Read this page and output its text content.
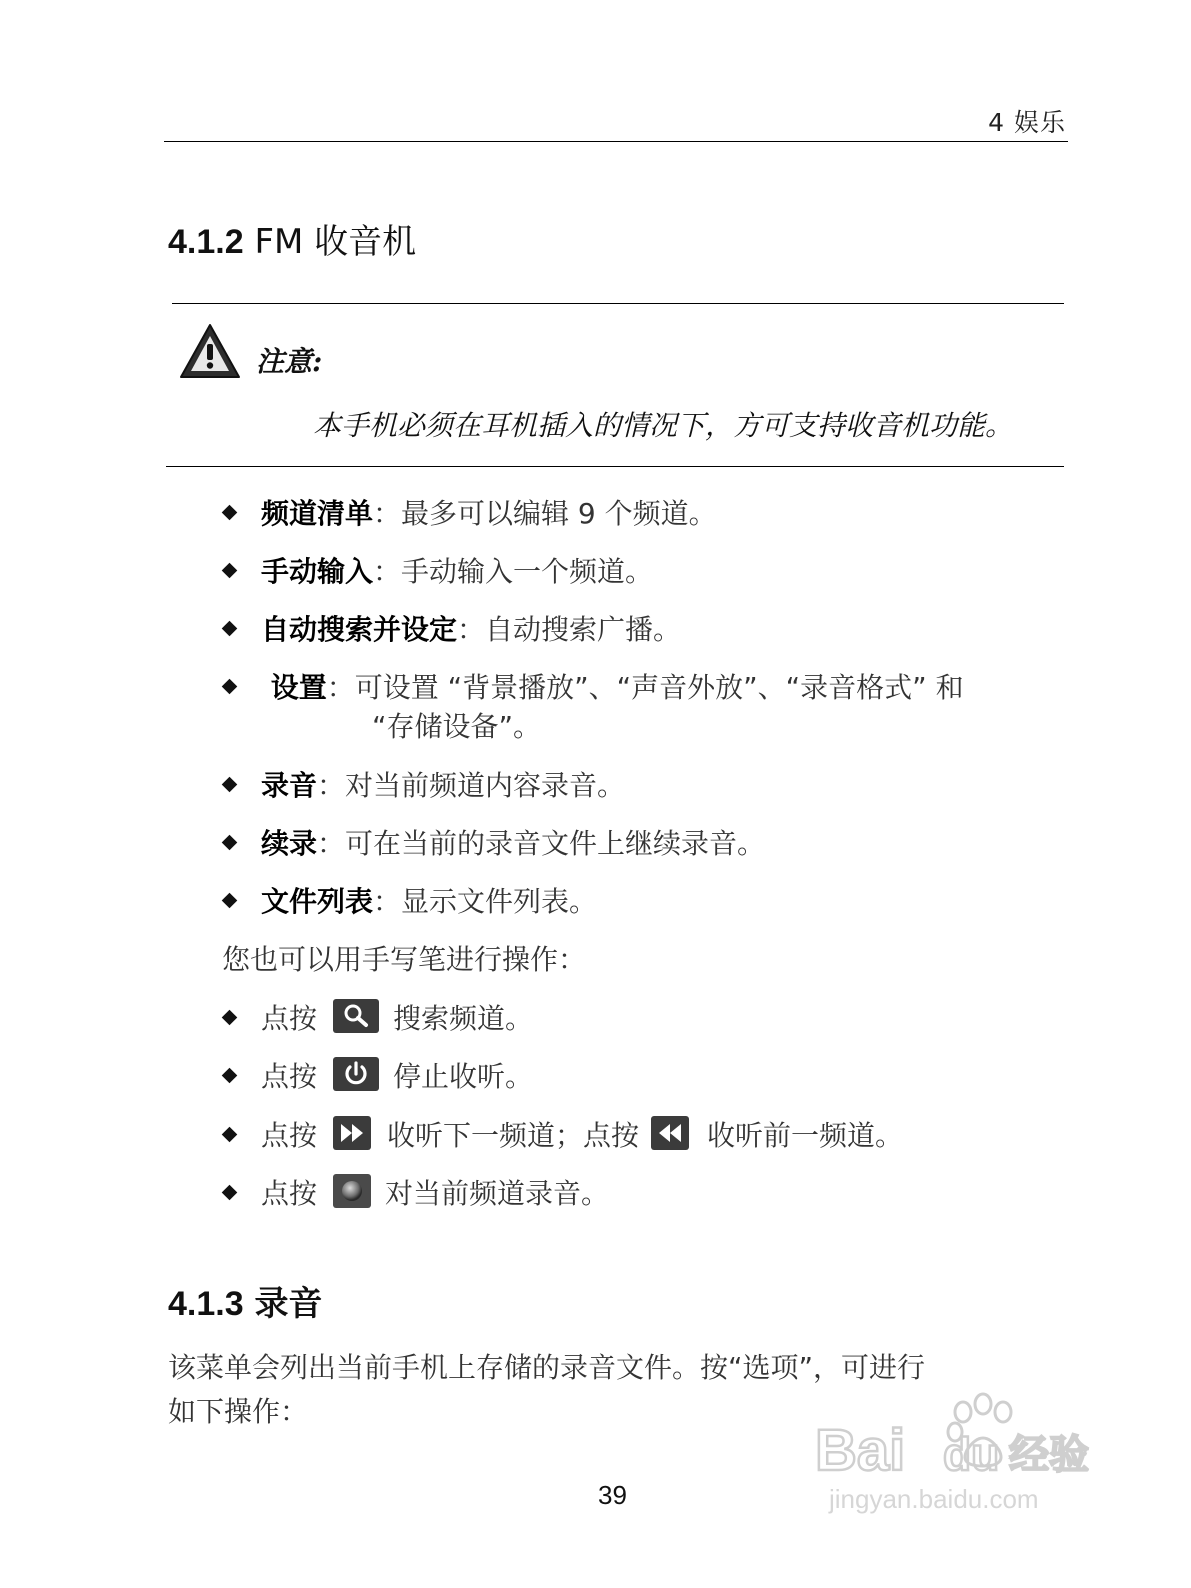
4 娱乐
4.1.2 FM 收音机
注意:
本手机必须在耳机插入的情况下，方可支持收音机功能。
频道清单：最多可以编辑 9 个频道。
手动输入：手动输入一个频道。
自动搜索并设定：自动搜索广播。
设置：可设置 “背景播放”、“声音外放”、“录音格式” 和
“存储设备”。
录音：对当前频道内容录音。
续录：可在当前的录音文件上继续录音。
文件列表：显示文件列表。
您也可以用手写笔进行操作：
点按	搜索频道。
点按	停止收听。
点按	收听下一频道；点按 收听前一频道。
点按 对当前频道录音。
4.1.3 录音
该菜单会列出当前手机上存储的录音文件。按“选项”，可进行
如下操作：
39
Bai du 经验
jingyan.baidu.com
